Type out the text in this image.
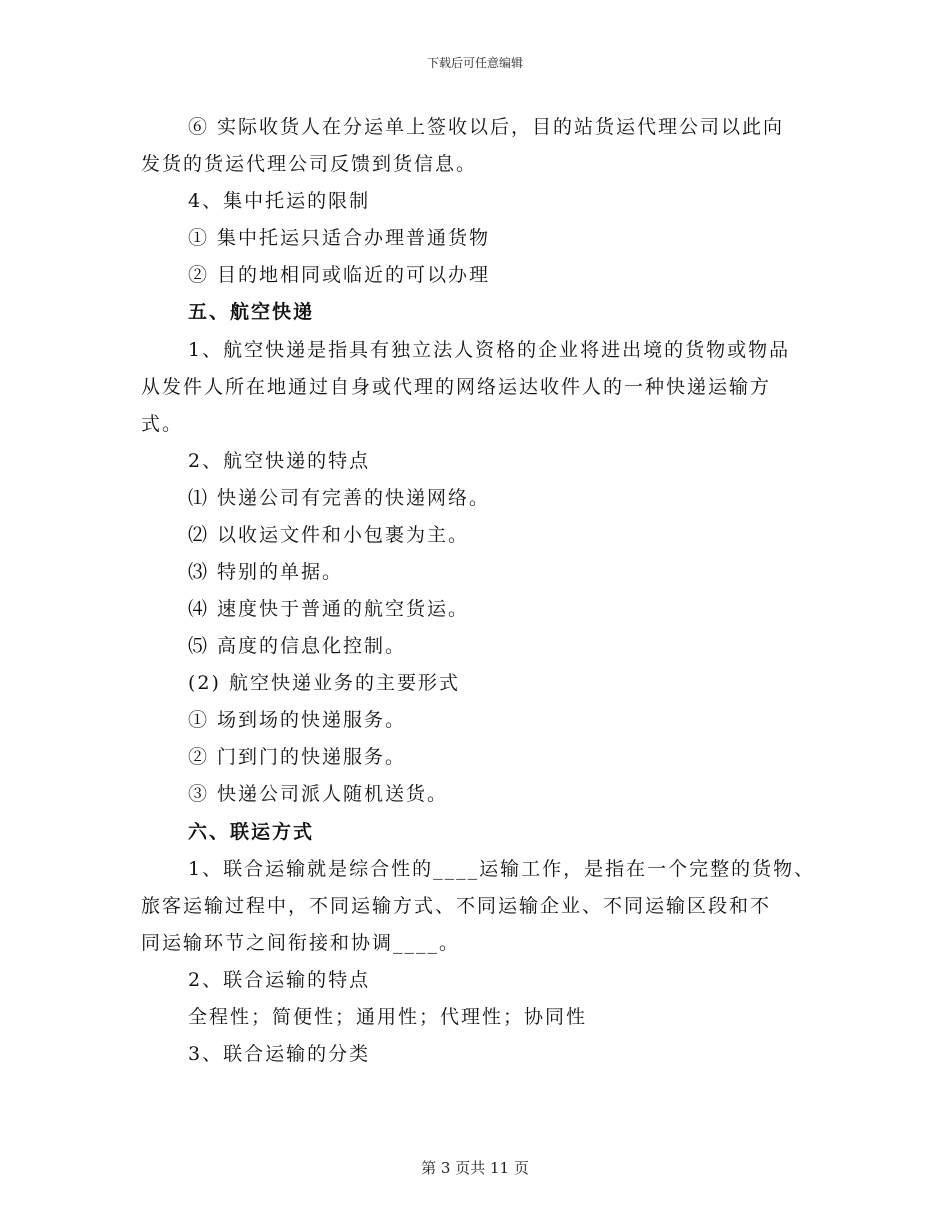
下载后可任意编辑
⑥ 实际收货人在分运单上签收以后，目的站货运代理公司以此向
发货的货运代理公司反馈到货信息。
4、集中托运的限制
① 集中托运只适合办理普通货物
② 目的地相同或临近的可以办理
五、航空快递
1、航空快递是指具有独立法人资格的企业将进出境的货物或物品
从发件人所在地通过自身或代理的网络运达收件人的一种快递运输方
式。
2、航空快递的特点
⑴ 快递公司有完善的快递网络。
⑵ 以收运文件和小包裹为主。
⑶ 特别的单据。
⑷ 速度快于普通的航空货运。
⑸ 高度的信息化控制。
(2) 航空快递业务的主要形式
① 场到场的快递服务。
② 门到门的快递服务。
③ 快递公司派人随机送货。
六、联运方式
1、联合运输就是综合性的____运输工作，是指在一个完整的货物、
旅客运输过程中，不同运输方式、不同运输企业、不同运输区段和不
同运输环节之间衔接和协调____。
2、联合运输的特点
全程性；简便性；通用性；代理性；协同性
3、联合运输的分类
第 3 页共 11 页
